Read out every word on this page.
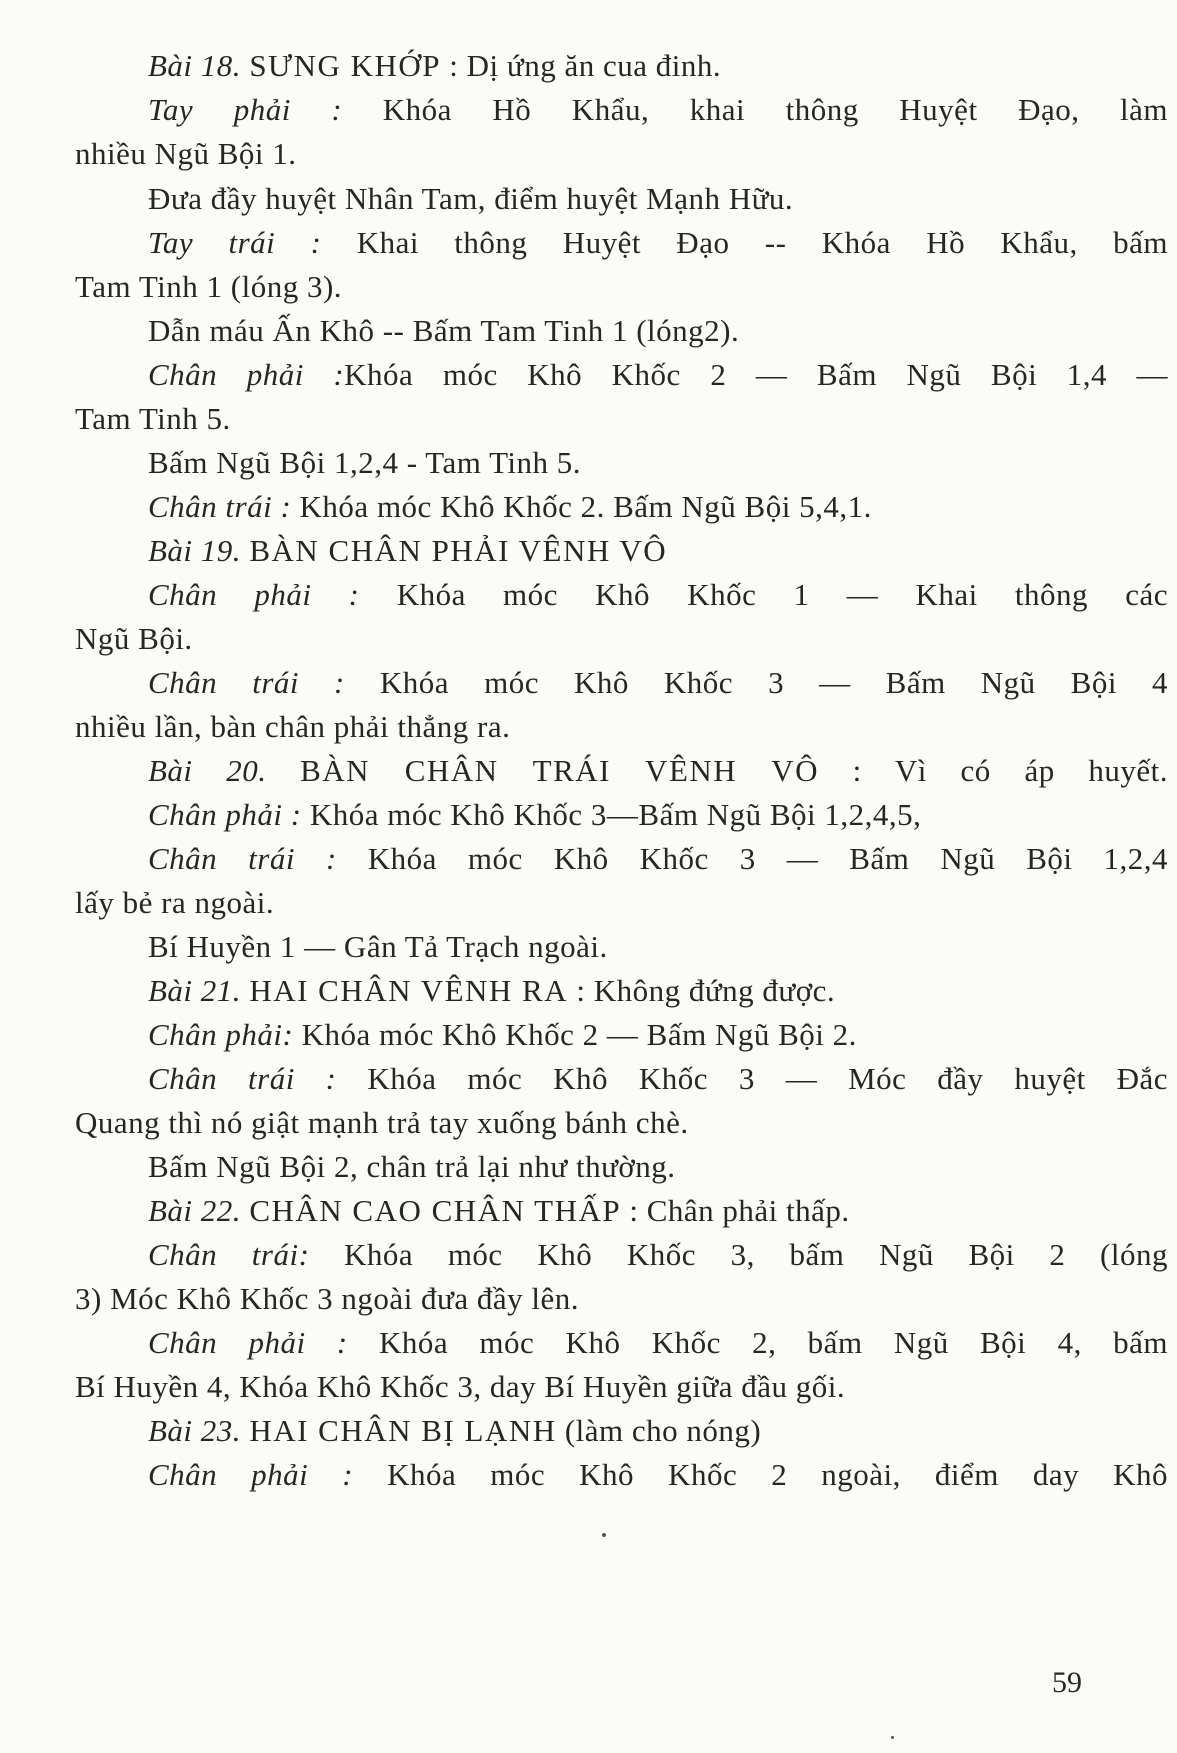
Bài 18. SƯNG KHỚP : Dị ứng ăn cua đinh.
Tay phải : Khóa Hồ Khẩu, khai thông Huyệt Đạo, làm
nhiều Ngũ Bội 1.
Đưa đầy huyệt Nhân Tam, điểm huyệt Mạnh Hữu.
Tay trái : Khai thông Huyệt Đạo -- Khóa Hồ Khẩu, bấm
Tam Tinh 1 (lóng 3).
Dẫn máu Ấn Khô -- Bấm Tam Tinh 1 (lóng2).
Chân phải :Khóa móc Khô Khốc 2 — Bấm Ngũ Bội 1,4 —
Tam Tinh 5.
Bấm Ngũ Bội 1,2,4 - Tam Tinh 5.
Chân trái : Khóa móc Khô Khốc 2. Bấm Ngũ Bội 5,4,1.
Bài 19. BÀN CHÂN PHẢI VÊNH VÔ
Chân phải : Khóa móc Khô Khốc 1 — Khai thông các
Ngũ Bội.
Chân trái : Khóa móc Khô Khốc 3 — Bấm Ngũ Bội 4
nhiều lần, bàn chân phải thẳng ra.
Bài 20. BÀN CHÂN TRÁI VÊNH VÔ : Vì có áp huyết.
Chân phải : Khóa móc Khô Khốc 3—Bấm Ngũ Bội 1,2,4,5,
Chân trái : Khóa móc Khô Khốc 3 — Bấm Ngũ Bội 1,2,4
lấy bẻ ra ngoài.
Bí Huyền 1 — Gân Tả Trạch ngoài.
Bài 21. HAI CHÂN VÊNH RA : Không đứng được.
Chân phải: Khóa móc Khô Khốc 2 — Bấm Ngũ Bội 2.
Chân trái : Khóa móc Khô Khốc 3 — Móc đầy huyệt Đắc
Quang thì nó giật mạnh trả tay xuống bánh chè.
Bấm Ngũ Bội 2, chân trả lại như thường.
Bài 22. CHÂN CAO CHÂN THẤP : Chân phải thấp.
Chân trái: Khóa móc Khô Khốc 3, bấm Ngũ Bội 2 (lóng
3) Móc Khô Khốc 3 ngoài đưa đầy lên.
Chân phải : Khóa móc Khô Khốc 2, bấm Ngũ Bội 4, bấm
Bí Huyền 4, Khóa Khô Khốc 3, day Bí Huyền giữa đầu gối.
Bài 23. HAI CHÂN BỊ LẠNH (làm cho nóng)
Chân phải : Khóa móc Khô Khốc 2 ngoài, điểm day Khô
59
